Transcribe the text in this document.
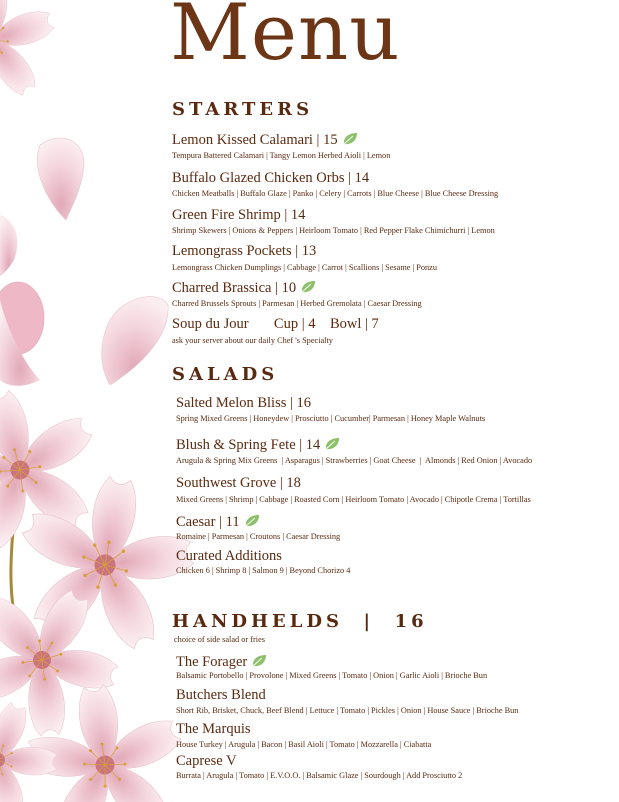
Menu
STARTERS
Lemon Kissed Calamari | 15
Tempura Battered Calamari | Tangy Lemon Herbed Aioli | Lemon
Buffalo Glazed Chicken Orbs | 14
Chicken Meatballs | Buffalo Glaze | Panko | Celery | Carrots | Blue Cheese | Blue Cheese Dressing
Green Fire Shrimp | 14
Shrimp Skewers | Onions & Peppers | Heirloom Tomato | Red Pepper Flake Chimichurri | Lemon
Lemongrass Pockets | 13
Lemongrass Chicken Dumplings | Cabbage | Carrot | Scallions | Sesame | Ponzu
Charred Brassica | 10
Charred Brussels Sprouts | Parmesan | Herbed Gremolata | Caesar Dressing
Soup du Jour       Cup | 4    Bowl | 7
ask your server about our daily Chef 's Specialty
SALADS
Salted Melon Bliss | 16
Spring Mixed Greens | Honeydew | Prosciutto | Cucumber| Parmesan | Honey Maple Walnuts
Blush & Spring Fete | 14
Arugula & Spring Mix Greens  | Asparagus | Strawberries | Goat Cheese  |  Almonds | Red Onion | Avocado
Southwest Grove | 18
Mixed Greens | Shrimp | Cabbage | Roasted Corn | Heirloom Tomato | Avocado | Chipotle Crema | Tortillas
Caesar | 11
Romaine | Parmesan | Croutons | Caesar Dressing
Curated Additions
Chicken 6 | Shrimp 8 | Salmon 9 | Beyond Chorizo 4
HANDHELDS  |  16
choice of side salad or fries
The Forager
Balsamic Portobello | Provolone | Mixed Greens | Tomato | Onion | Garlic Aioli | Brioche Bun
Butchers Blend
Short Rib, Brisket, Chuck, Beef Blend | Lettuce | Tomato | Pickles | Onion | House Sauce | Brioche Bun
The Marquis
House Turkey | Arugula | Bacon | Basil Aioli | Tomato | Mozzarella | Ciabatta
Caprese V
Burrata | Arugula | Tomato | E.V.O.O. | Balsamic Glaze | Sourdough | Add Prosciutto 2
